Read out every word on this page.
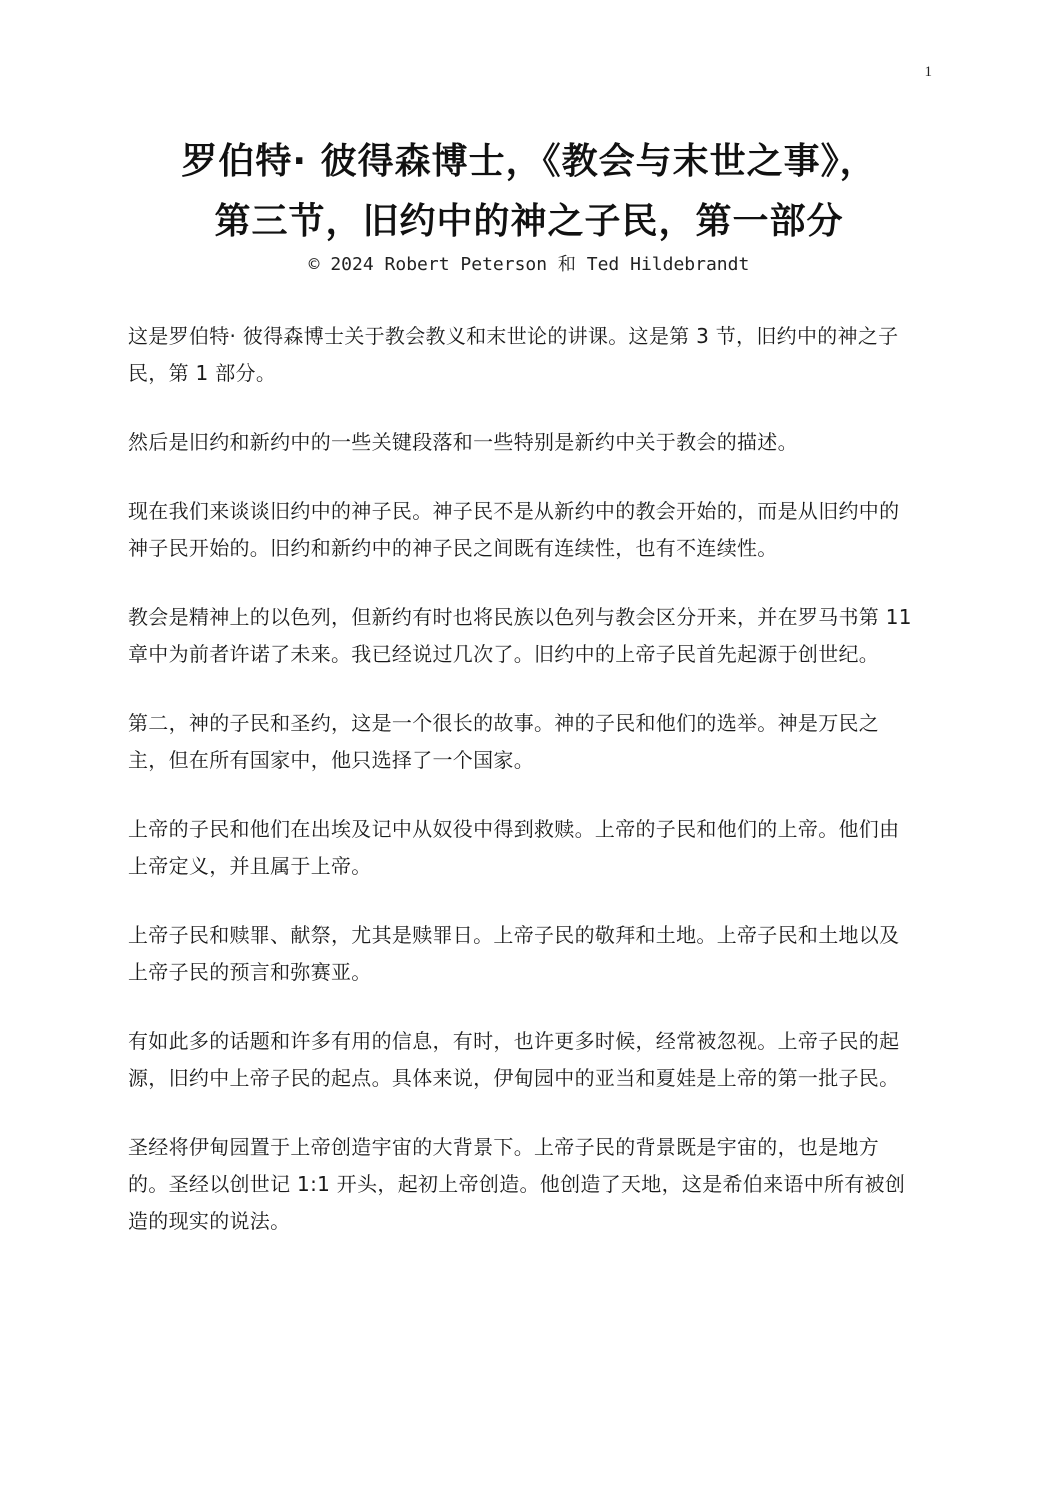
1
罗伯特· 彼得森博士，《教会与末世之事》，
第三节，旧约中的神之子民，第一部分
© 2024 Robert Peterson 和 Ted Hildebrandt

这是罗伯特· 彼得森博士关于教会教义和末世论的讲课。这是第 3 节，旧约中的神之子民，第 1 部分。

然后是旧约和新约中的一些关键段落和一些特别是新约中关于教会的描述。

现在我们来谈谈旧约中的神子民。神子民不是从新约中的教会开始的，而是从旧约中的神子民开始的。旧约和新约中的神子民之间既有连续性，也有不连续性。

教会是精神上的以色列，但新约有时也将民族以色列与教会区分开来，并在罗马书第 11 章中为前者许诺了未来。我已经说过几次了。旧约中的上帝子民首先起源于创世纪。

第二，神的子民和圣约，这是一个很长的故事。神的子民和他们的选举。神是万民之主，但在所有国家中，他只选择了一个国家。

上帝的子民和他们在出埃及记中从奴役中得到救赎。上帝的子民和他们的上帝。他们由上帝定义，并且属于上帝。

上帝子民和赎罪、献祭，尤其是赎罪日。上帝子民的敬拜和土地。上帝子民和土地以及上帝子民的预言和弥赛亚。

有如此多的话题和许多有用的信息，有时，也许更多时候，经常被忽视。上帝子民的起源，旧约中上帝子民的起点。具体来说，伊甸园中的亚当和夏娃是上帝的第一批子民。

圣经将伊甸园置于上帝创造宇宙的大背景下。上帝子民的背景既是宇宙的，也是地方的。圣经以创世记 1:1 开头，起初上帝创造。他创造了天地，这是希伯来语中所有被创造的现实的说法。
